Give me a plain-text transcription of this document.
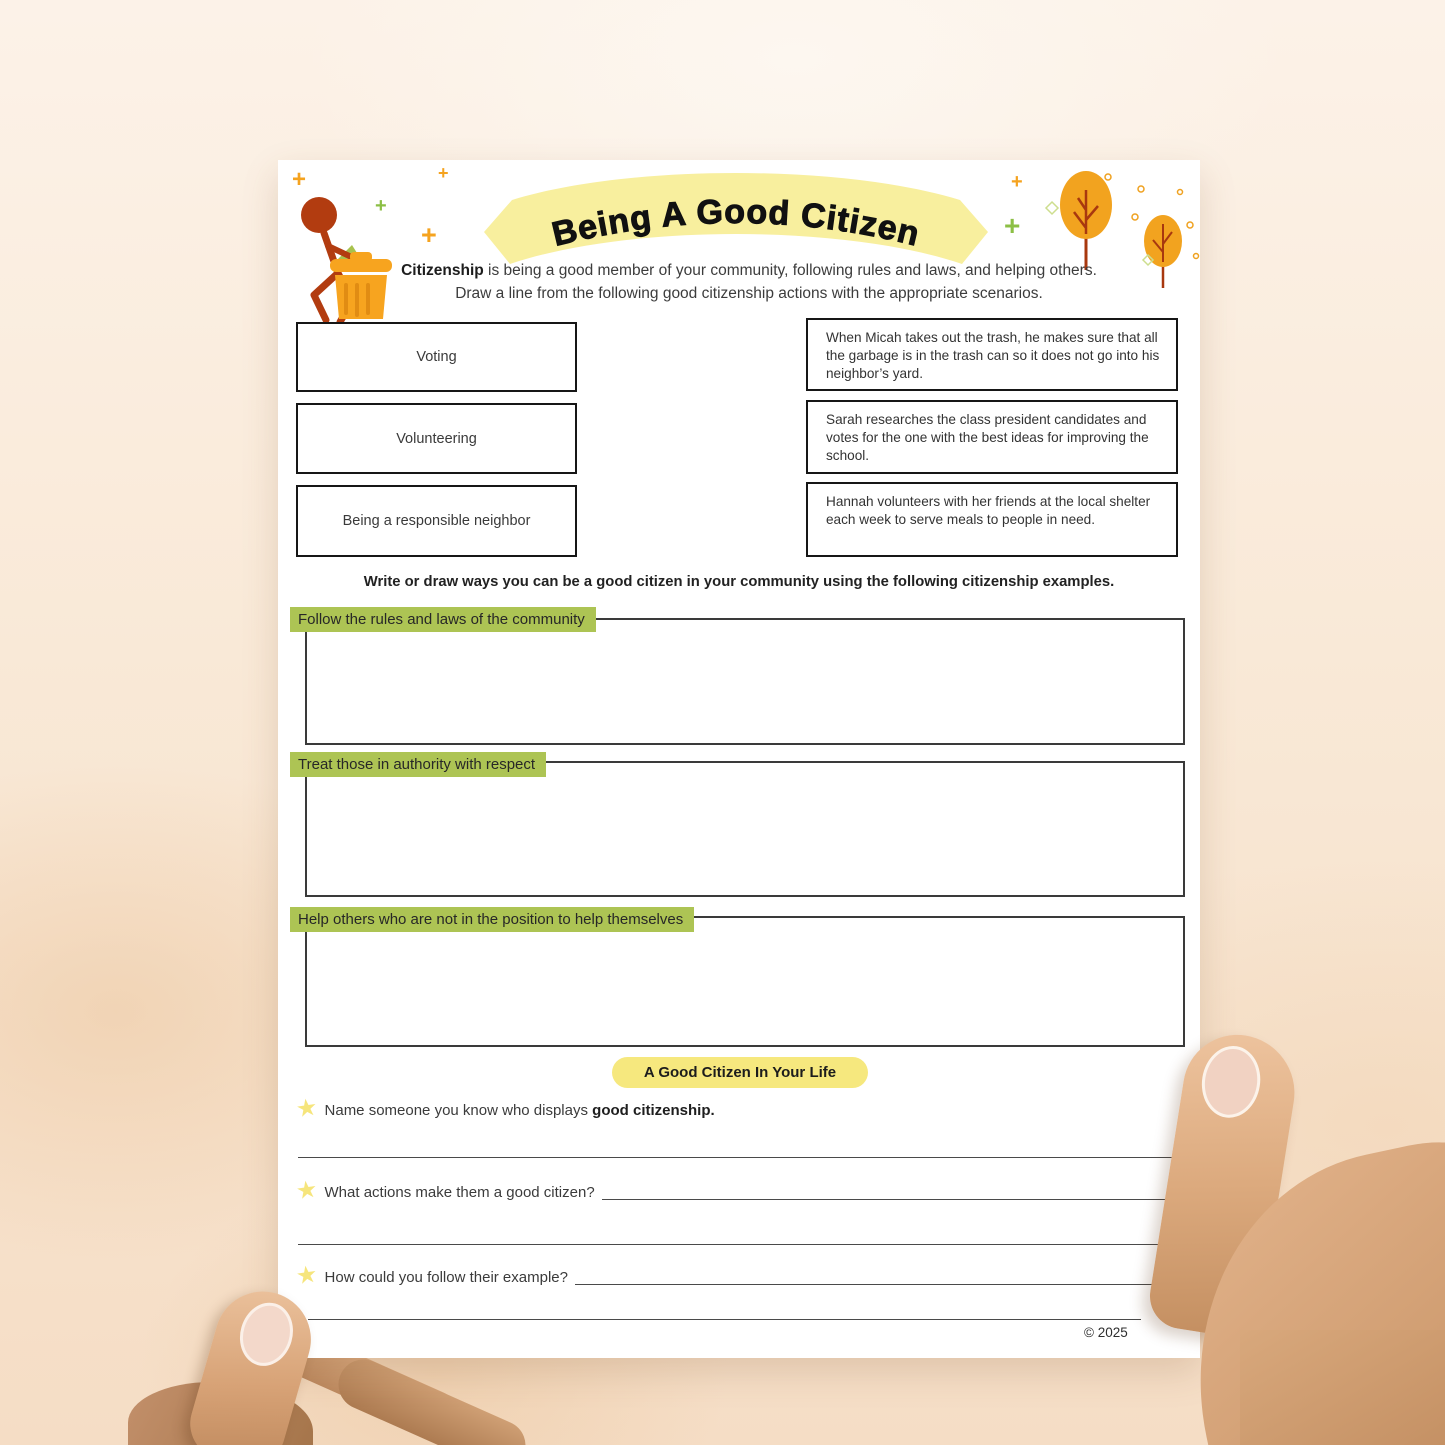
Being A Good Citizen
+	+
+
+
+
+
Citizenship is being a good member of your community, following rules and laws, and helping others.
Draw a line from the following good citizenship actions with the appropriate scenarios.
Voting
Volunteering
Being a responsible neighbor
When Micah takes out the trash, he makes sure that all the garbage is in the trash can so it does not go into his neighbor’s yard.
Sarah researches the class president candidates and votes for the one with the best ideas for improving the school.
Hannah volunteers with her friends at the local shelter each week to serve meals to people in need.
Write or draw ways you can be a good citizen in your community using the following citizenship examples.
Follow the rules and laws of the community
Treat those in authority with respect
Help others who are not in the position to help themselves
A Good Citizen In Your Life
★ Name someone you know who displays good citizenship.
★ What actions make them a good citizen?
★ How could you follow their example?
© 2025
